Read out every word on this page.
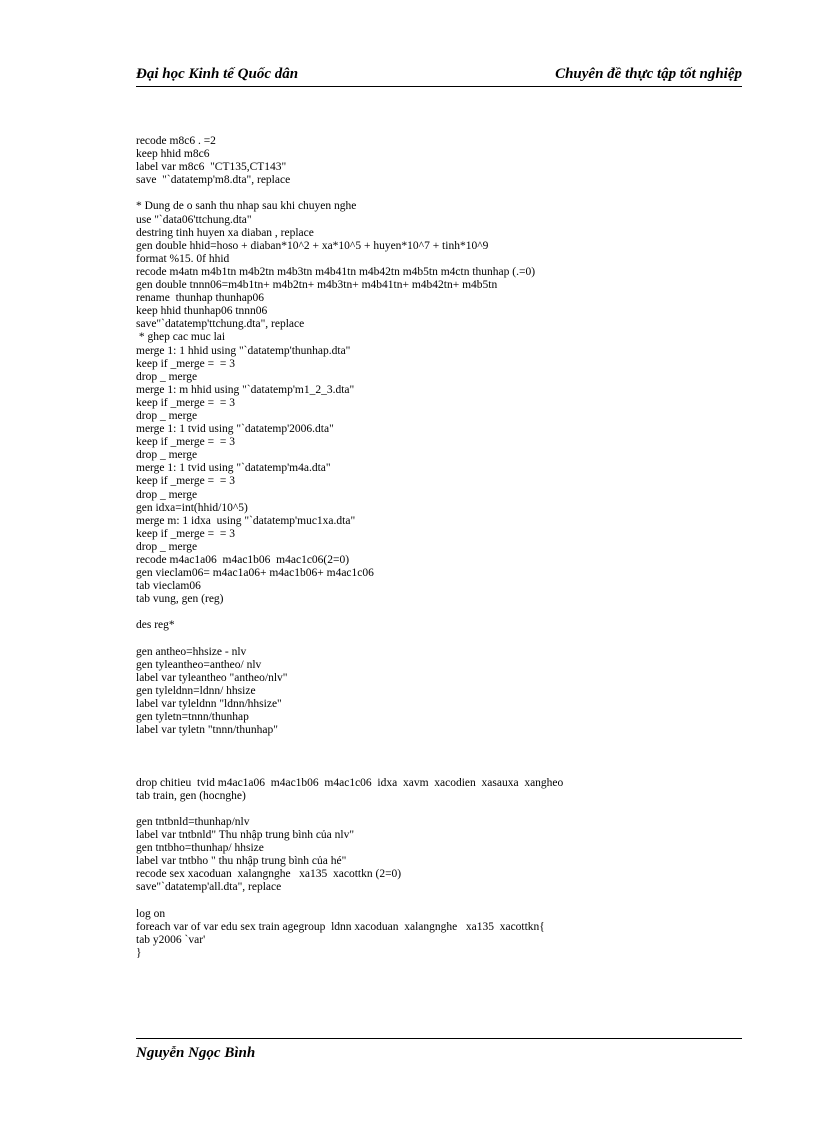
Đại học Kinh tế Quốc dân	Chuyên đề thực tập tốt nghiệp
recode m8c6 . =2
keep hhid m8c6
label var m8c6  "CT135,CT143"
save  "`datatemp'm8.dta", replace
* Dung de o sanh thu nhap sau khi chuyen nghe
use "`data06'ttchung.dta"
destring tinh huyen xa diaban , replace
gen double hhid=hoso + diaban*10^2 + xa*10^5 + huyen*10^7 + tinh*10^9
format %15. 0f hhid
recode m4atn m4b1tn m4b2tn m4b3tn m4b41tn m4b42tn m4b5tn m4ctn thunhap (.=0)
gen double tnnn06=m4b1tn+ m4b2tn+ m4b3tn+ m4b41tn+ m4b42tn+ m4b5tn
rename  thunhap thunhap06
keep hhid thunhap06 tnnn06
save"`datatemp'ttchung.dta", replace
* ghep cac muc lai
merge 1: 1 hhid using "`datatemp'thunhap.dta"
keep if _merge =  = 3
drop _ merge
merge 1: m hhid using "`datatemp'm1_2_3.dta"
keep if _merge =  = 3
drop _ merge
merge 1: 1 tvid using "`datatemp'2006.dta"
keep if _merge =  = 3
drop _ merge
merge 1: 1 tvid using "`datatemp'm4a.dta"
keep if _merge =  = 3
drop _ merge
gen idxa=int(hhid/10^5)
merge m: 1 idxa  using "`datatemp'muc1xa.dta"
keep if _merge =  = 3
drop _ merge
recode m4ac1a06  m4ac1b06  m4ac1c06(2=0)
gen vieclam06= m4ac1a06+ m4ac1b06+ m4ac1c06
tab vieclam06
tab vung, gen (reg)
des reg*
gen antheo=hhsize - nlv
gen tyleantheo=antheo/ nlv
label var tyleantheo "antheo/nlv"
gen tyleldnn=ldnn/ hhsize
label var tyleldnn "ldnn/hhsize"
gen tyletn=tnnn/thunhap
label var tyletn "tnnn/thunhap"
drop chitieu  tvid m4ac1a06  m4ac1b06  m4ac1c06  idxa  xavm  xacodien  xasauxa  xangheo
tab train, gen (hocnghe)
gen tntbnld=thunhap/nlv
label var tntbnld" Thu nhập trung bình của nlv"
gen tntbho=thunhap/ hhsize
label var tntbho " thu nhập trung bình của hé"
recode sex xacoduan  xalangnghe   xa135  xacottkn (2=0)
save"`datatemp'all.dta", replace
log on
foreach var of var edu sex train agegroup  ldnn xacoduan  xalangnghe   xa135  xacottkn{
tab y2006 `var'
}
Nguyễn Ngọc Bình
